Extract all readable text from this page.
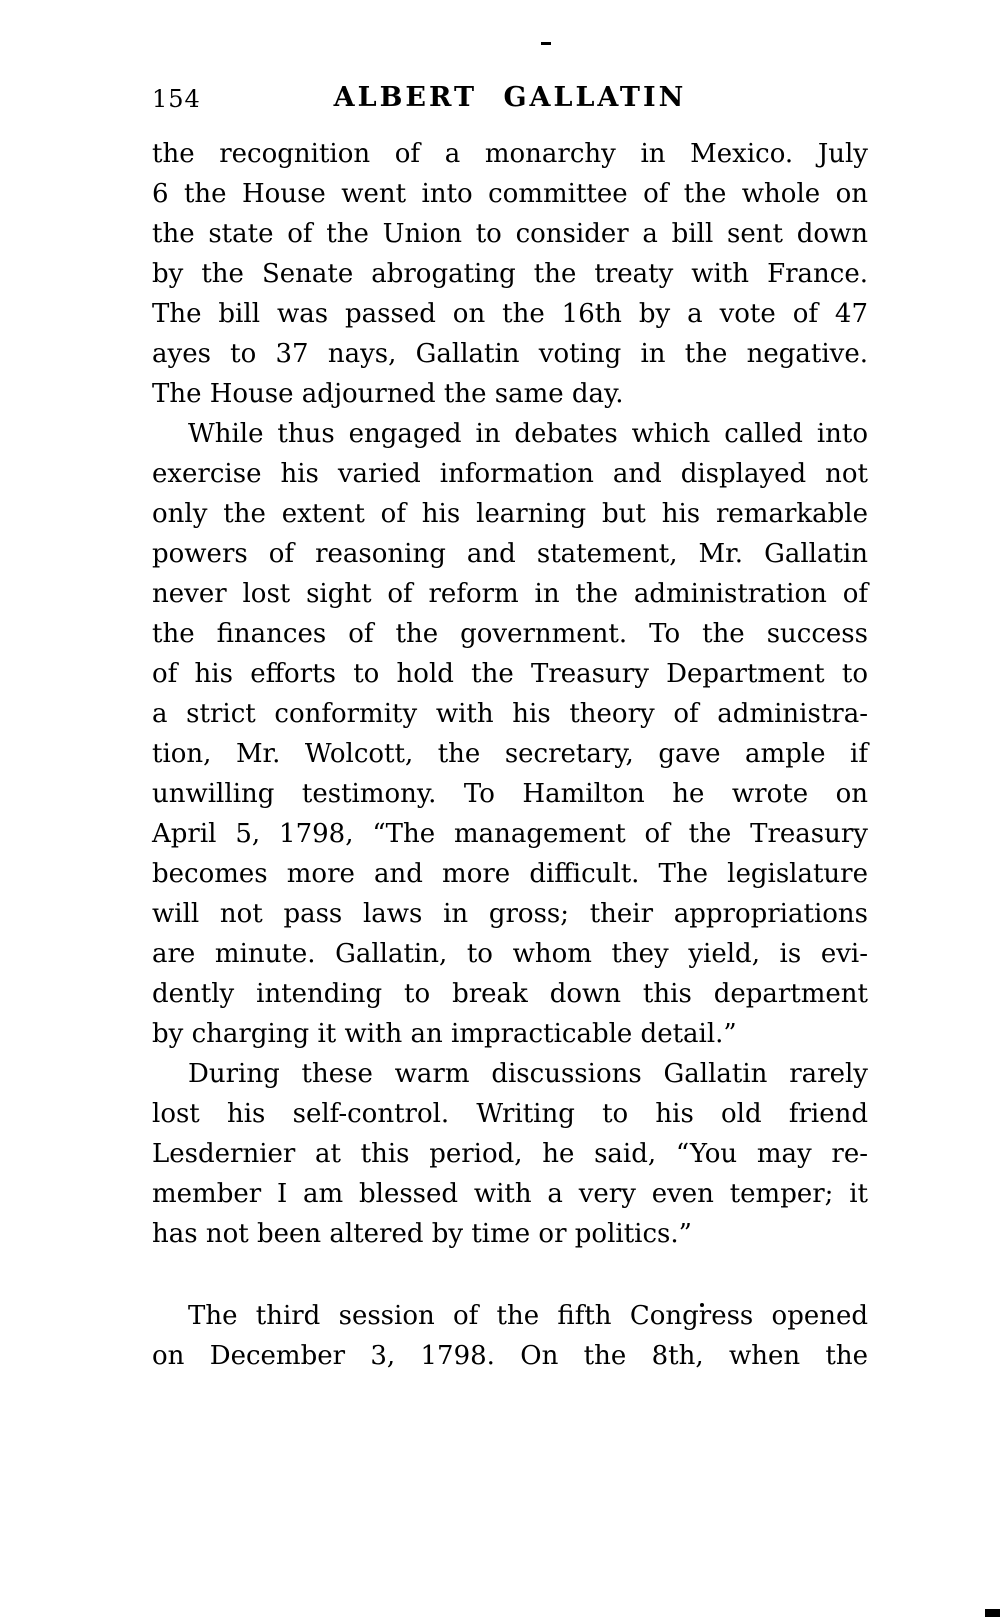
154	ALBERT GALLATIN
the recognition of a monarchy in Mexico. July
6 the House went into committee of the whole on
the state of the Union to consider a bill sent down
by the Senate abrogating the treaty with France.
The bill was passed on the 16th by a vote of 47
ayes to 37 nays, Gallatin voting in the negative.
The House adjourned the same day.
While thus engaged in debates which called into
exercise his varied information and displayed not
only the extent of his learning but his remarkable
powers of reasoning and statement, Mr. Gallatin
never lost sight of reform in the administration of
the finances of the government. To the success
of his efforts to hold the Treasury Department to
a strict conformity with his theory of administra-
tion, Mr. Wolcott, the secretary, gave ample if
unwilling testimony. To Hamilton he wrote on
April 5, 1798, “The management of the Treasury
becomes more and more difficult. The legislature
will not pass laws in gross; their appropriations
are minute. Gallatin, to whom they yield, is evi-
dently intending to break down this department
by charging it with an impracticable detail.”
During these warm discussions Gallatin rarely
lost his self-control. Writing to his old friend
Lesdernier at this period, he said, “You may re-
member I am blessed with a very even temper; it
has not been altered by time or politics.”
The third session of the fifth Congress opened
on December 3, 1798. On the 8th, when the
